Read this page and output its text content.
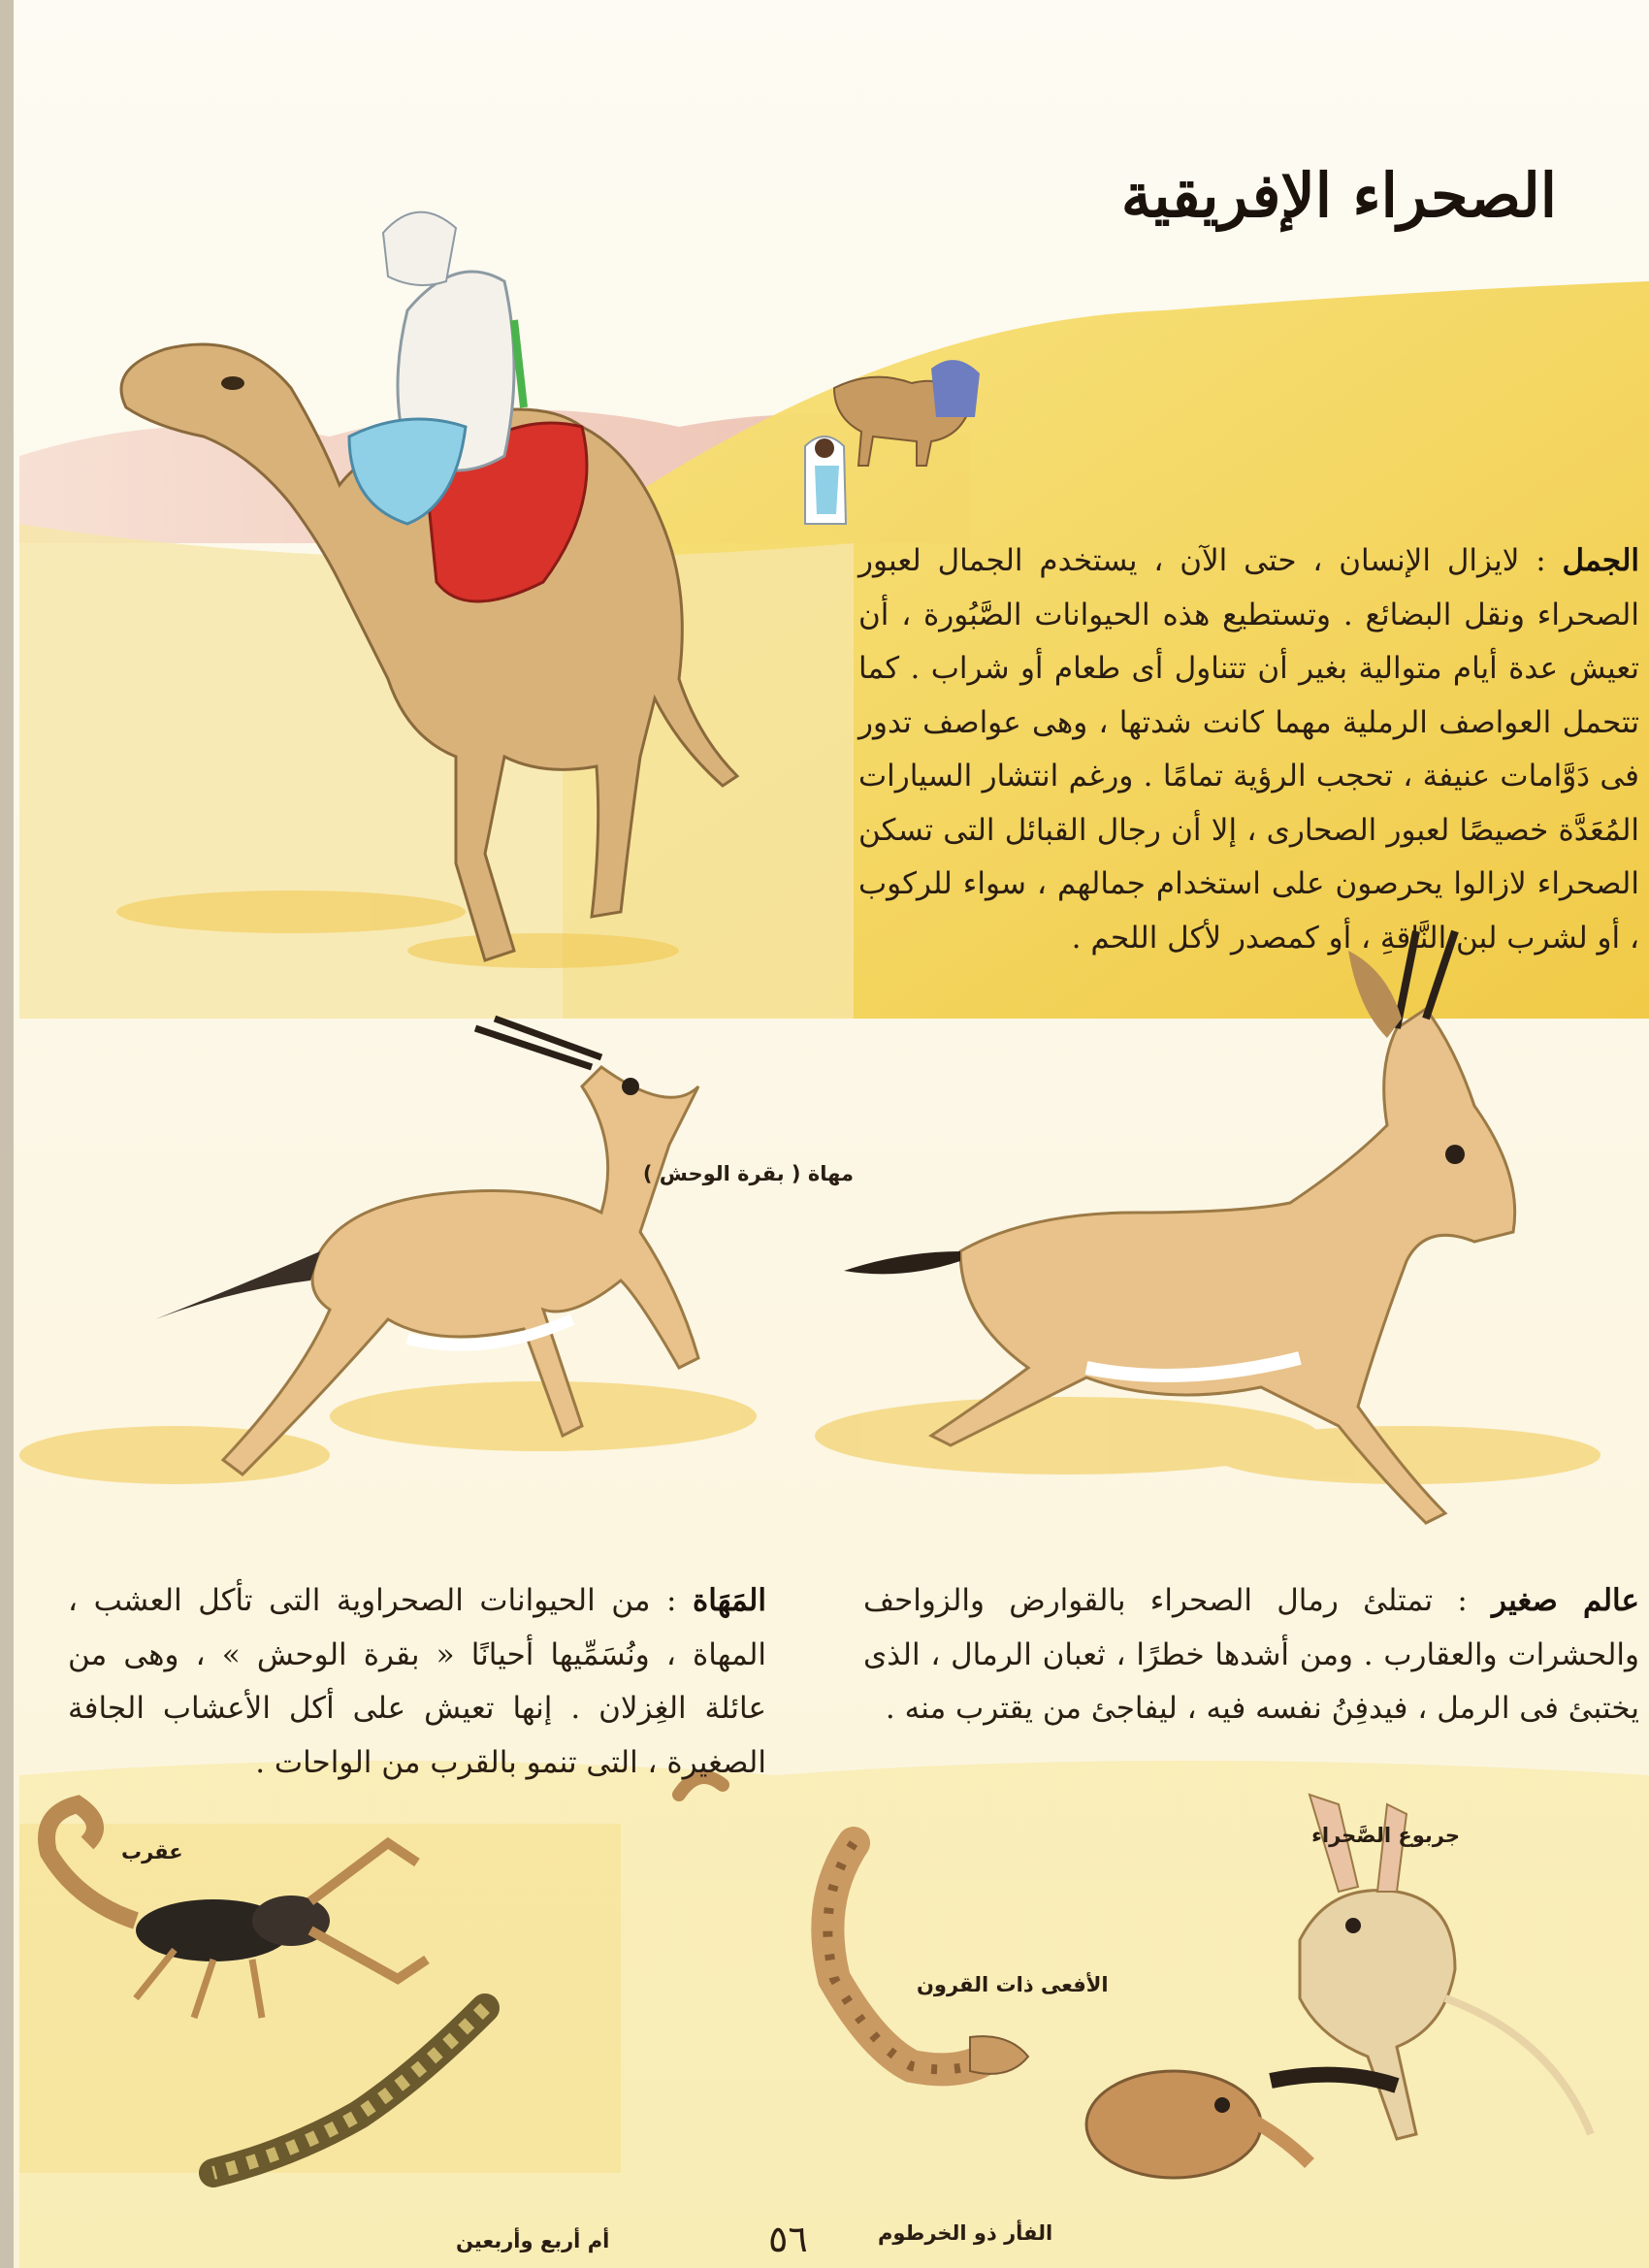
الصحراء الإفريقية

الجمل : لايزال الإنسان ، حتى الآن ، يستخدم الجمال لعبور الصحراء ونقل البضائع . وتستطيع هذه الحيوانات الصَّبُورة ، أن تعيش عدة أيام متوالية بغير أن تتناول أى طعام أو شراب . كما تتحمل العواصف الرملية مهما كانت شدتها ، وهى عواصف تدور فى دَوَّامات عنيفة ، تحجب الرؤية تمامًا . ورغم انتشار السيارات المُعَدَّة خصيصًا لعبور الصحارى ، إلا أن رجال القبائل التى تسكن الصحراء لازالوا يحرصون على استخدام جمالهم ، سواء للركوب ، أو لشرب لبن النَّاقةِ ، أو كمصدر لأكل اللحم .

مهاة ( بقرة الوحش )

عالم صغير : تمتلئ رمال الصحراء بالقوارض والزواحف والحشرات والعقارب . ومن أشدها خطرًا ، ثعبان الرمال ، الذى يختبئ فى الرمل ، فيدفِنُ نفسه فيه ، ليفاجئ من يقترب منه .

المَهَاة : من الحيوانات الصحراوية التى تأكل العشب ، المهاة ، ونُسَمِّيها أحيانًا « بقرة الوحش » ، وهى من عائلة الغِزلان . إنها تعيش على أكل الأعشاب الجافة الصغيرة ، التى تنمو بالقرب من الواحات .

عقرب
جربوع الصَّحراء
الأفعى ذات القرون
أم أربع وأربعين	الفأر ذو الخرطوم
٥٦
